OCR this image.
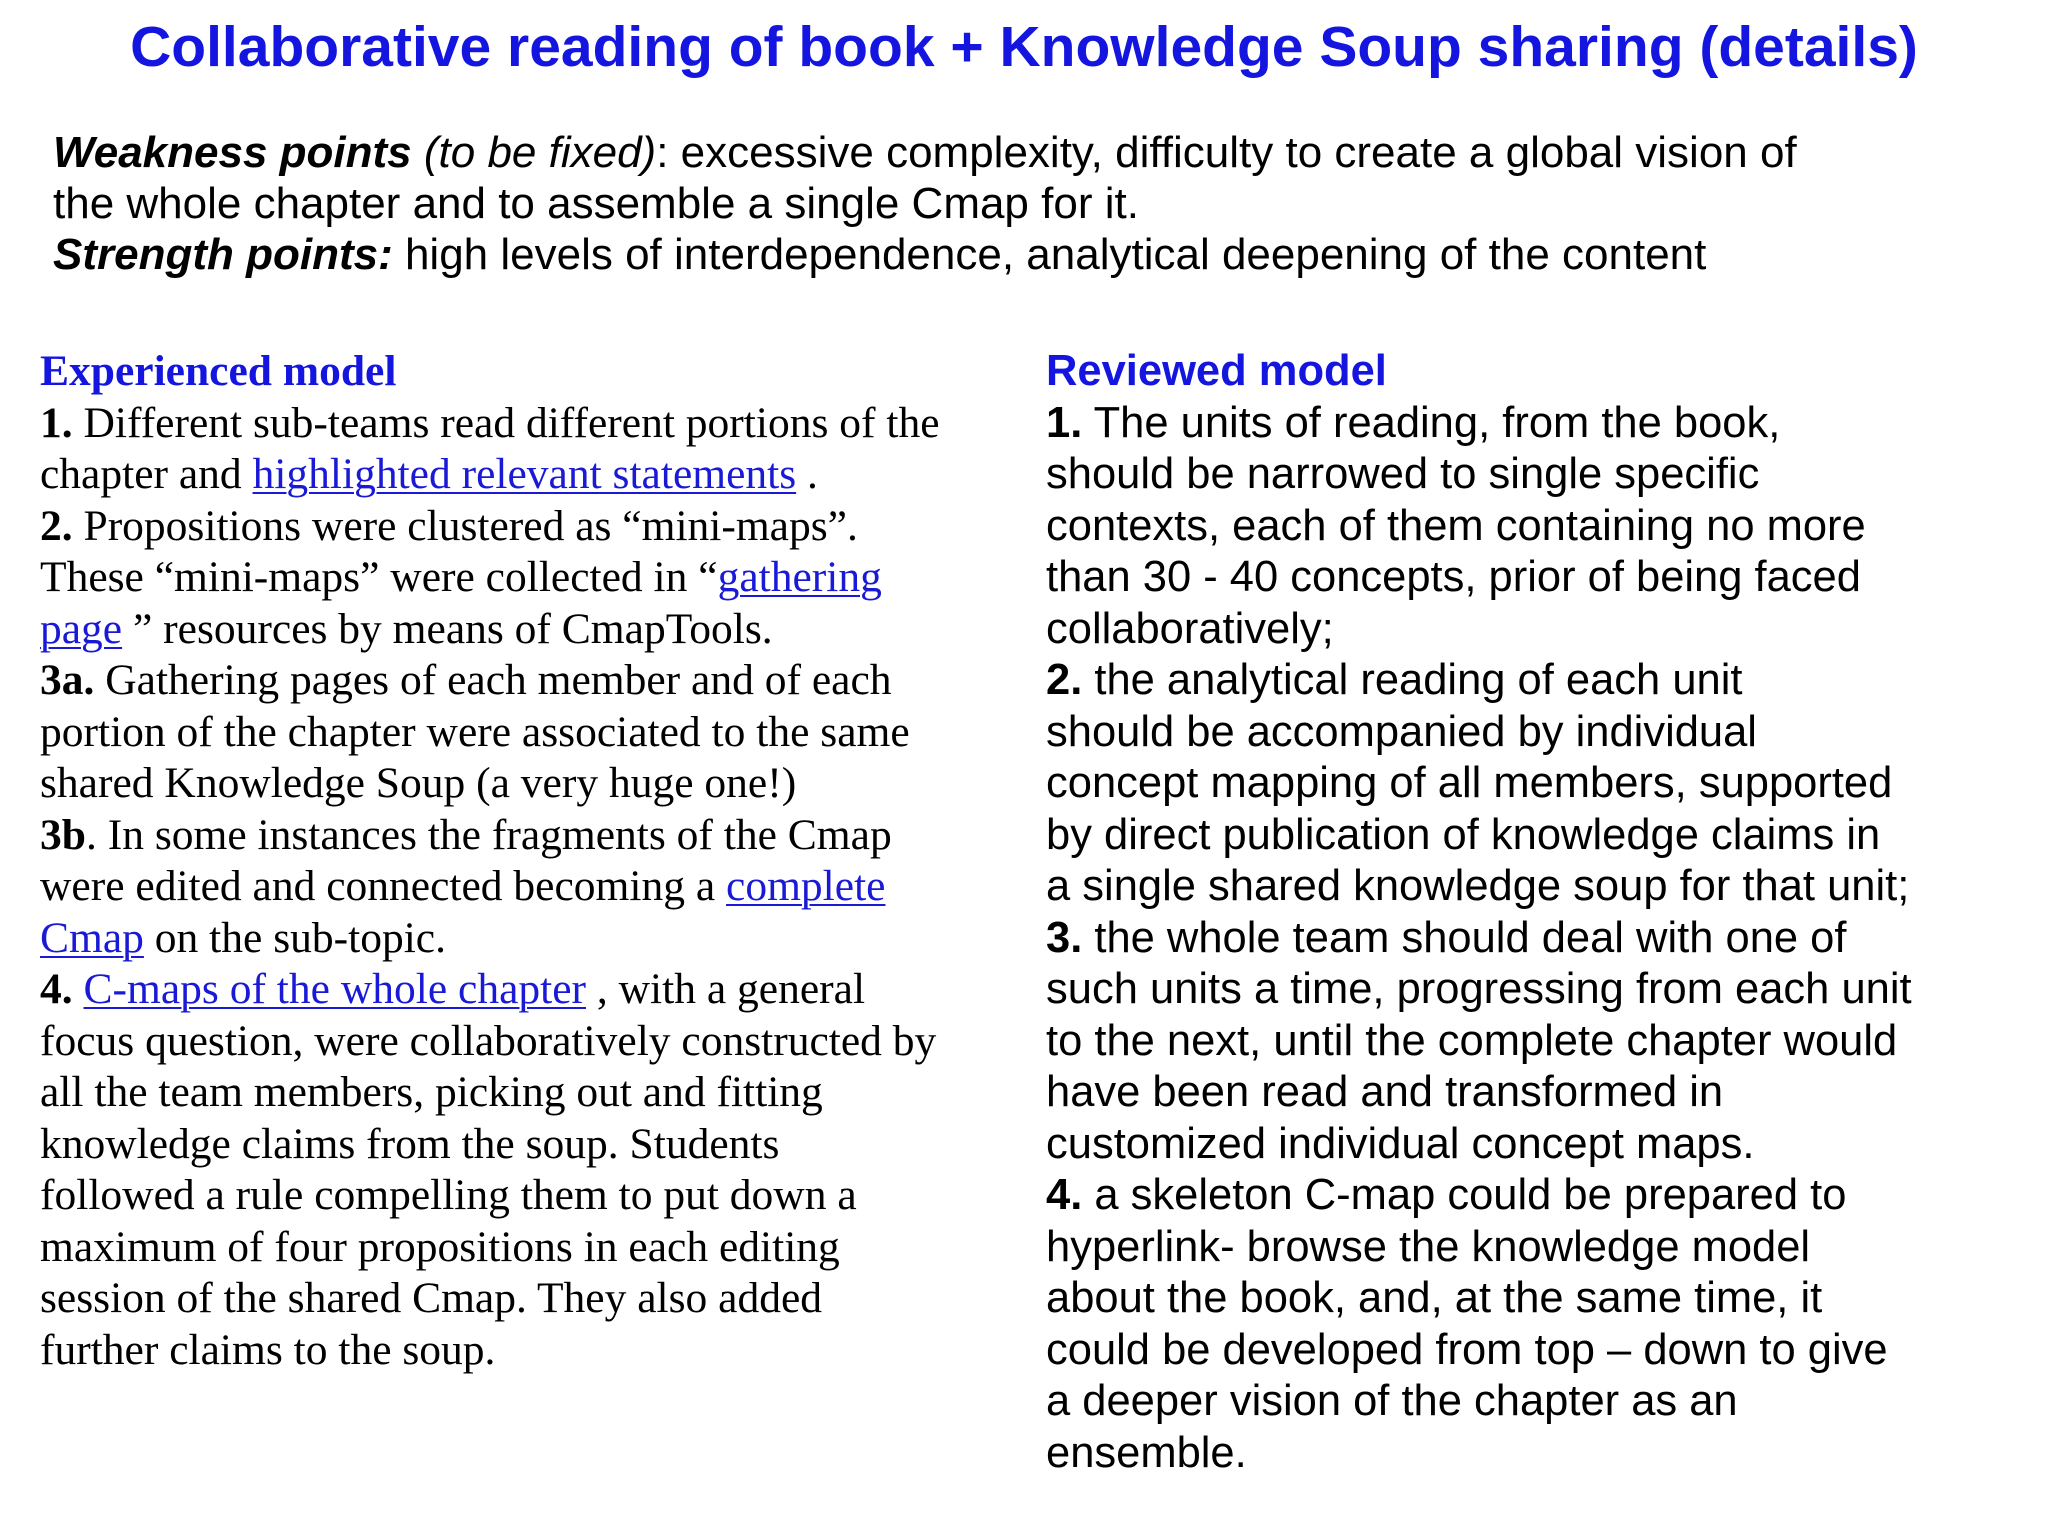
Collaborative reading of book + Knowledge Soup sharing (details)
Weakness points (to be fixed): excessive complexity, difficulty to create a global vision of
the whole chapter and to assemble a single Cmap for it.
Strength points: high levels of interdependence, analytical deepening of the content
Experienced model
1. Different sub-teams read different portions of the
chapter and highlighted relevant statements .
2. Propositions were clustered as “mini-maps”.
These “mini-maps” were collected in “gathering
page ” resources by means of CmapTools.
3a. Gathering pages of each member and of each
portion of the chapter were associated to the same
shared Knowledge Soup (a very huge one!)
3b. In some instances the fragments of the Cmap
were edited and connected becoming a complete
Cmap on the sub-topic.
4. C-maps of the whole chapter , with a general
focus question, were collaboratively constructed by
all the team members, picking out and fitting
knowledge claims from the soup. Students
followed a rule compelling them to put down a
maximum of four propositions in each editing
session of the shared Cmap. They also added
further claims to the soup.
Reviewed model
1. The units of reading, from the book,
should be narrowed to single specific
contexts, each of them containing no more
than 30 - 40 concepts, prior of being faced
collaboratively;
2. the analytical reading of each unit
should be accompanied by individual
concept mapping of all members, supported
by direct publication of knowledge claims in
a single shared knowledge soup for that unit;
3. the whole team should deal with one of
such units a time, progressing from each unit
to the next, until the complete chapter would
have been read and transformed in
customized individual concept maps.
4. a skeleton C-map could be prepared to
hyperlink- browse the knowledge model
about the book, and, at the same time, it
could be developed from top – down to give
a deeper vision of the chapter as an
ensemble.
